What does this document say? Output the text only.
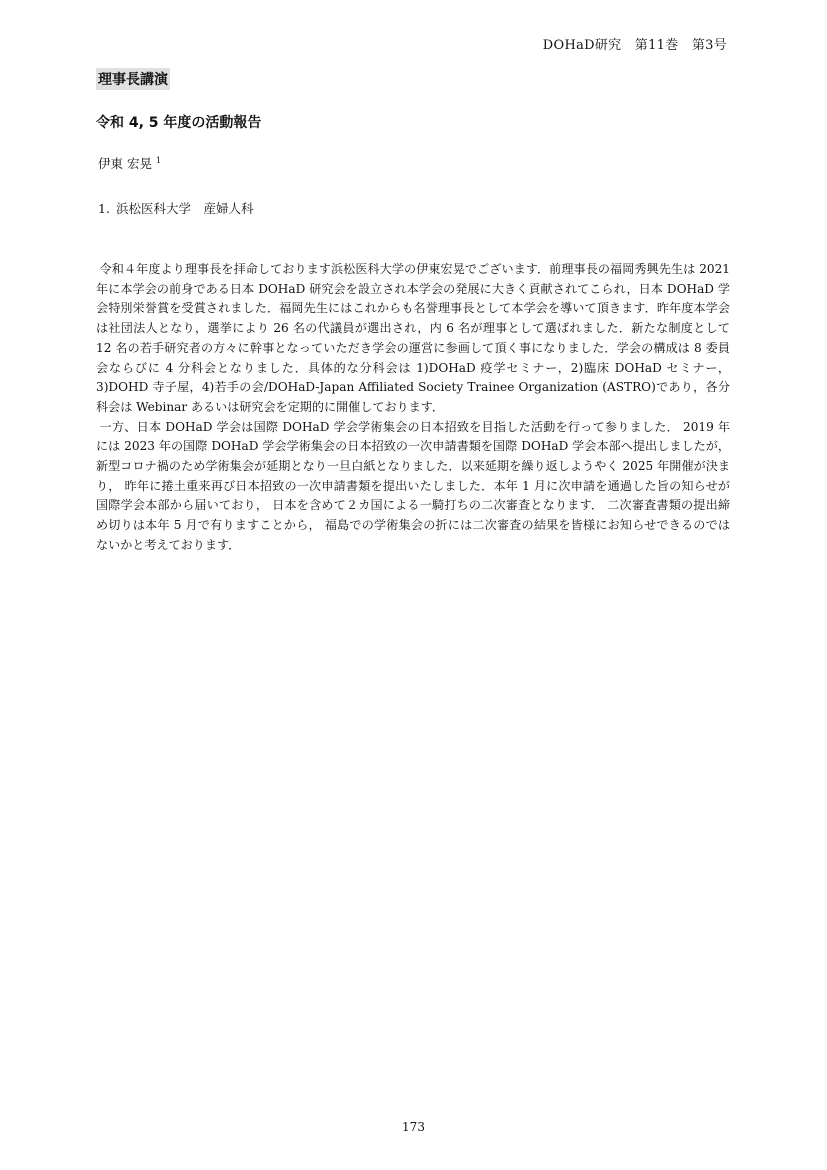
DOHaD研究　第11巻　第3号
理事長講演
令和 4, 5 年度の活動報告
伊東 宏晃 $^1$
1. 浜松医科大学　産婦人科

令和４年度より理事長を拝命しております浜松医科大学の伊東宏晃でございます．前理事長の福岡秀興先生は 2021 年に本学会の前身である日本 DOHaD 研究会を設立され本学会の発展に大きく貢献されてこられ，日本 DOHaD 学会特別栄誉賞を受賞されました．福岡先生にはこれからも名誉理事長として本学会を導いて頂きます．昨年度本学会は社団法人となり，選挙により 26 名の代議員が選出され，内 6 名が理事として選ばれました．新たな制度として 12 名の若手研究者の方々に幹事となっていただき学会の運営に参画して頂く事になりました．学会の構成は 8 委員会ならびに 4 分科会となりました．具体的な分科会は 1)DOHaD 疫学セミナー，2)臨床 DOHaD セミナー，3)DOHD 寺子屋，4)若手の会/DOHaD-Japan Affiliated Society Trainee Organization (ASTRO)であり，各分科会は Webinar あるいは研究会を定期的に開催しております．

一方、日本 DOHaD 学会は国際 DOHaD 学会学術集会の日本招致を目指した活動を行って参りました． 2019 年には 2023 年の国際 DOHaD 学会学術集会の日本招致の一次申請書類を国際 DOHaD 学会本部へ提出しましたが，新型コロナ禍のため学術集会が延期となり一旦白紙となりました．以来延期を繰り返しようやく 2025 年開催が決まり， 昨年に捲土重来再び日本招致の一次申請書類を提出いたしました．本年 1 月に次申請を通過した旨の知らせが国際学会本部から届いており， 日本を含めて２カ国による一騎打ちの二次審査となります． 二次審査書類の提出締め切りは本年 5 月で有りますことから， 福島での学術集会の折には二次審査の結果を皆様にお知らせできるのではないかと考えております．

173
